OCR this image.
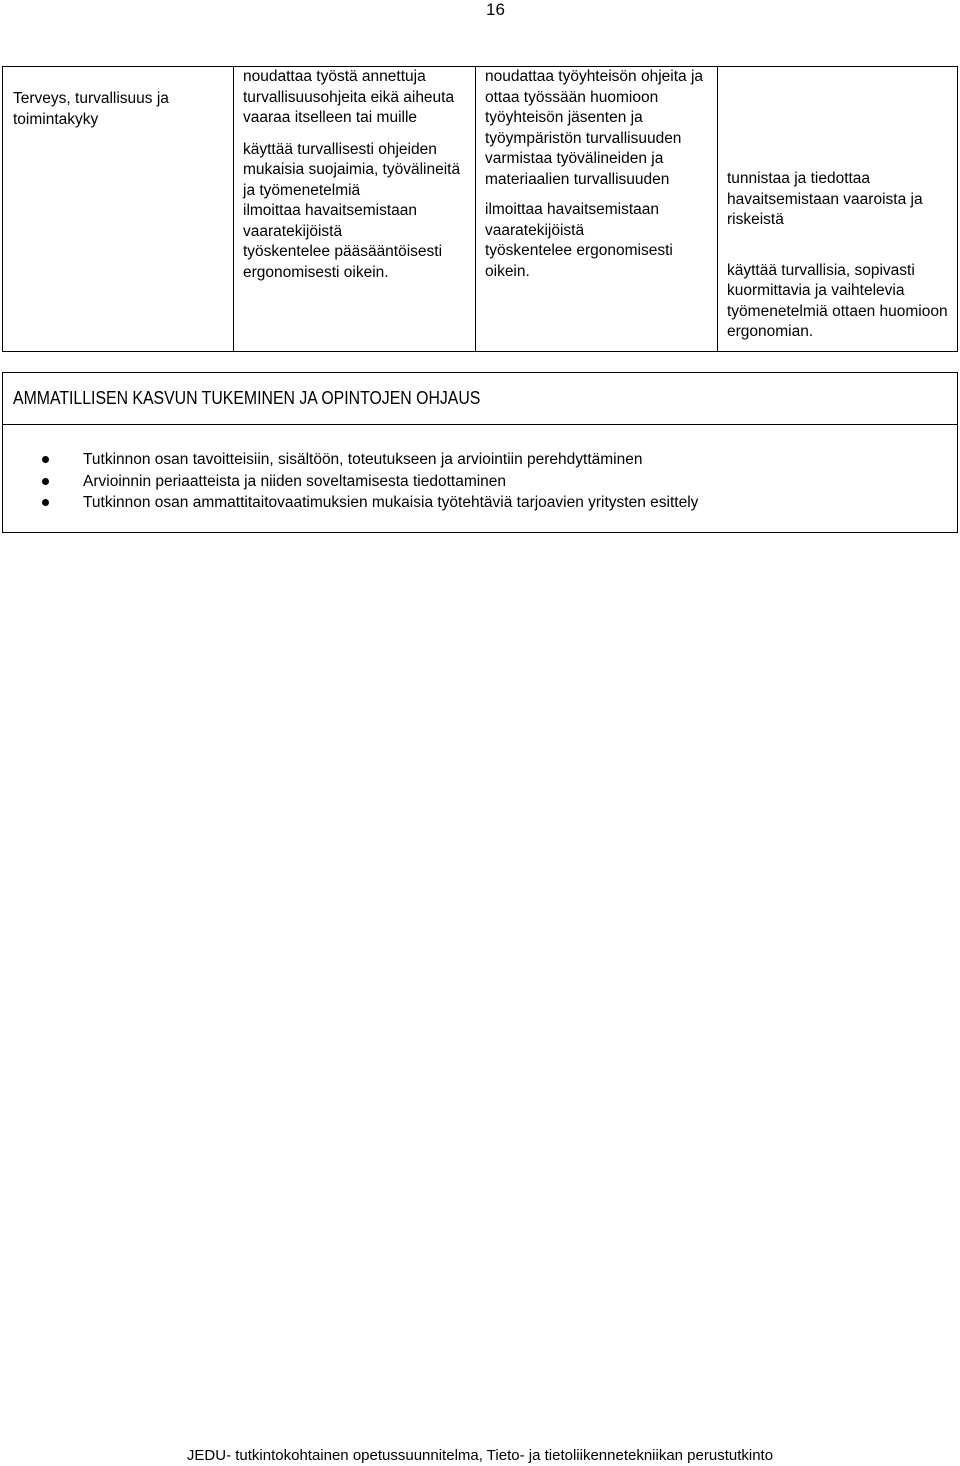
16
Terveys, turvallisuus ja toimintakyky

noudattaa työstä annettuja turvallisuusohjeita eikä aiheuta vaaraa itselleen tai muille

käyttää turvallisesti ohjeiden mukaisia suojaimia, työvälineitä ja työmenetelmiä

ilmoittaa havaitsemistaan vaaratekijöistä

työskentelee pääsääntöisesti ergonomisesti oikein.

noudattaa työyhteisön ohjeita ja ottaa työssään huomioon työyhteisön jäsenten ja työympäristön turvallisuuden

varmistaa työvälineiden ja materiaalien turvallisuuden

ilmoittaa havaitsemistaan vaaratekijöistä

työskentelee ergonomisesti oikein.

tunnistaa ja tiedottaa havaitsemistaan vaaroista ja riskeistä

käyttää turvallisia, sopivasti kuormittavia ja vaihtelevia työmenetelmiä ottaen huomioon ergonomian.

AMMATILLISEN KASVUN TUKEMINEN JA OPINTOJEN OHJAUS
Tutkinnon osan tavoitteisiin, sisältöön, toteutukseen ja arviointiin perehdyttäminen
Arvioinnin periaatteista ja niiden soveltamisesta tiedottaminen
Tutkinnon osan ammattitaitovaatimuksien mukaisia työtehtäviä tarjoavien yritysten esittely
JEDU- tutkintokohtainen opetussuunnitelma, Tieto- ja tietoliikennetekniikan perustutkinto
